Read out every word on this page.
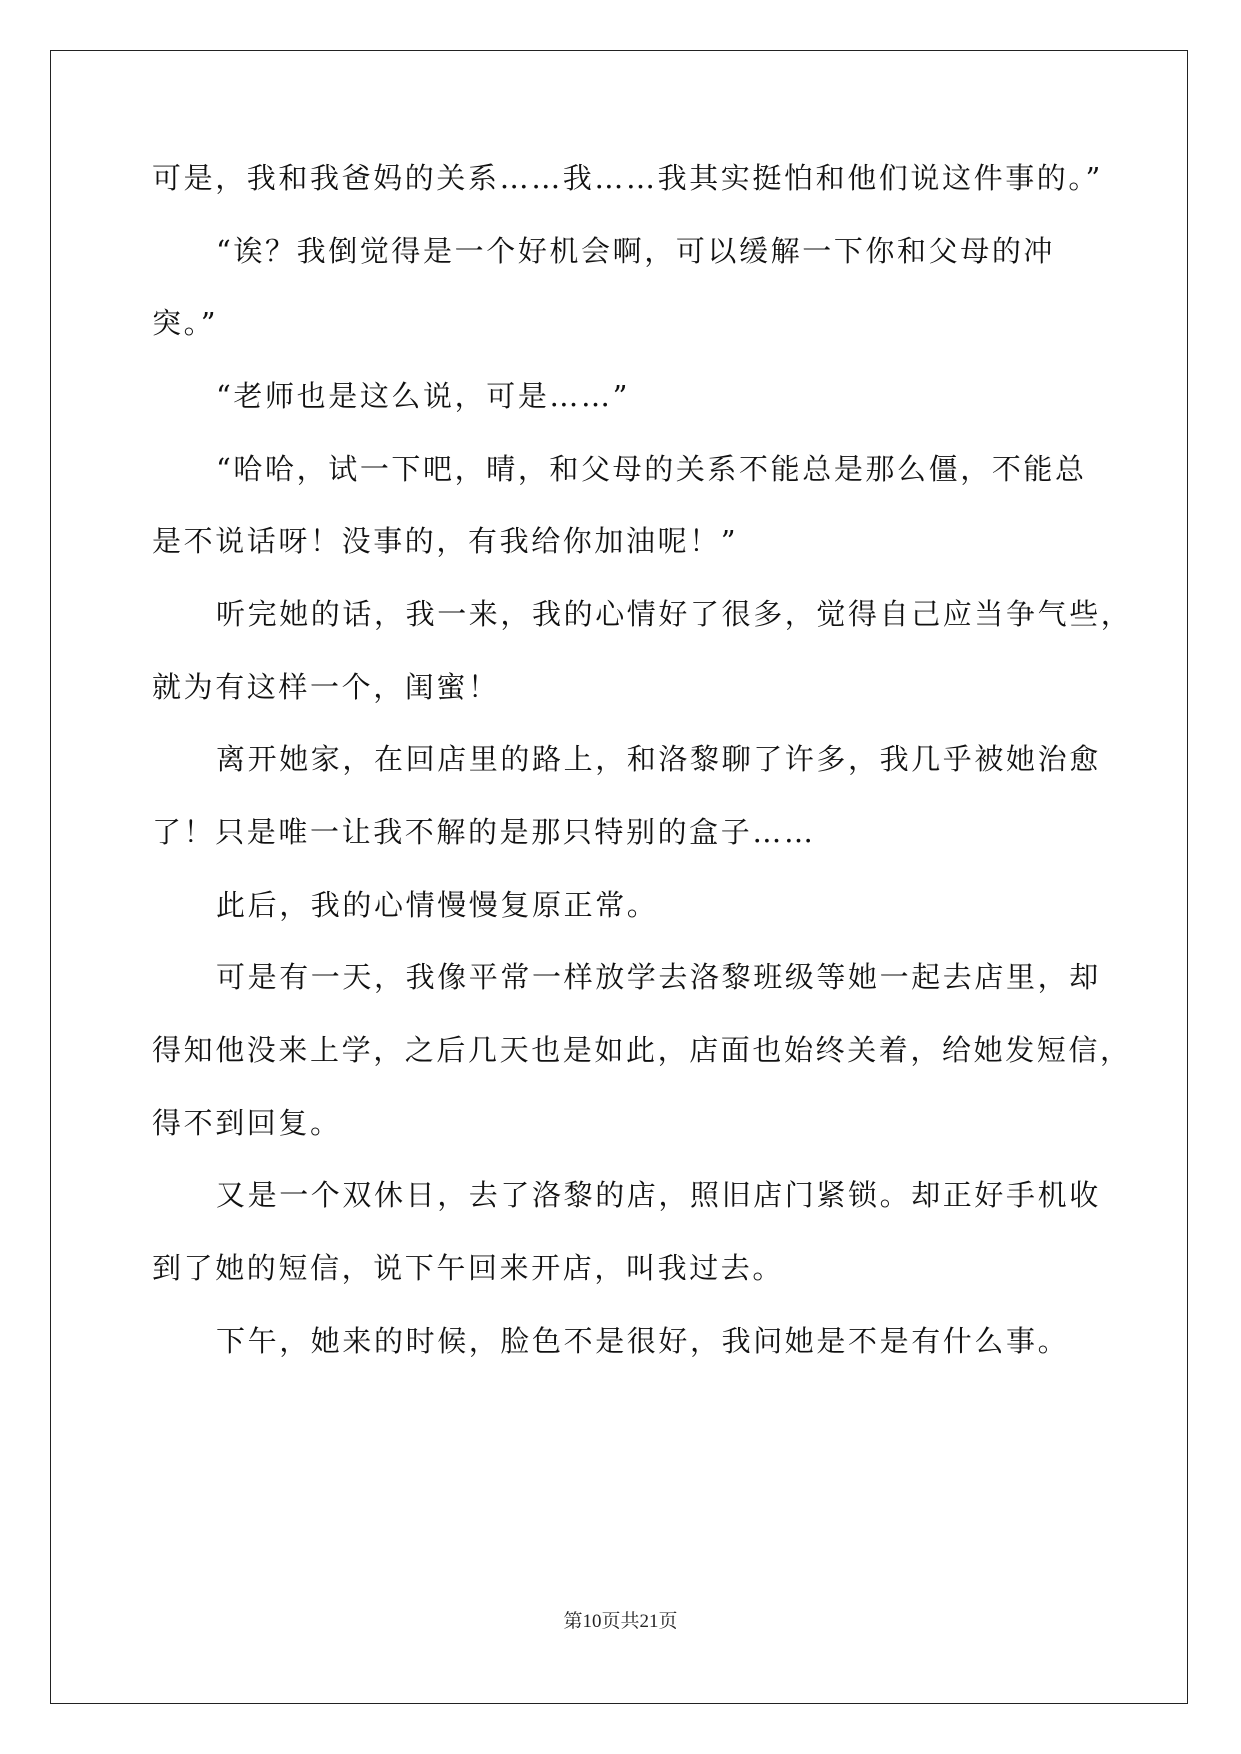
可是，我和我爸妈的关系……我……我其实挺怕和他们说这件事的。”
“诶？我倒觉得是一个好机会啊，可以缓解一下你和父母的冲
突。”
“老师也是这么说，可是……”
“哈哈，试一下吧，晴，和父母的关系不能总是那么僵，不能总
是不说话呀！没事的，有我给你加油呢！”
听完她的话，我一来，我的心情好了很多，觉得自己应当争气些，
就为有这样一个，闺蜜！
离开她家，在回店里的路上，和洛黎聊了许多，我几乎被她治愈
了！只是唯一让我不解的是那只特别的盒子……
此后，我的心情慢慢复原正常。
可是有一天，我像平常一样放学去洛黎班级等她一起去店里，却
得知他没来上学，之后几天也是如此，店面也始终关着，给她发短信，
得不到回复。
又是一个双休日，去了洛黎的店，照旧店门紧锁。却正好手机收
到了她的短信，说下午回来开店，叫我过去。
下午，她来的时候，脸色不是很好，我问她是不是有什么事。
第10页共21页
